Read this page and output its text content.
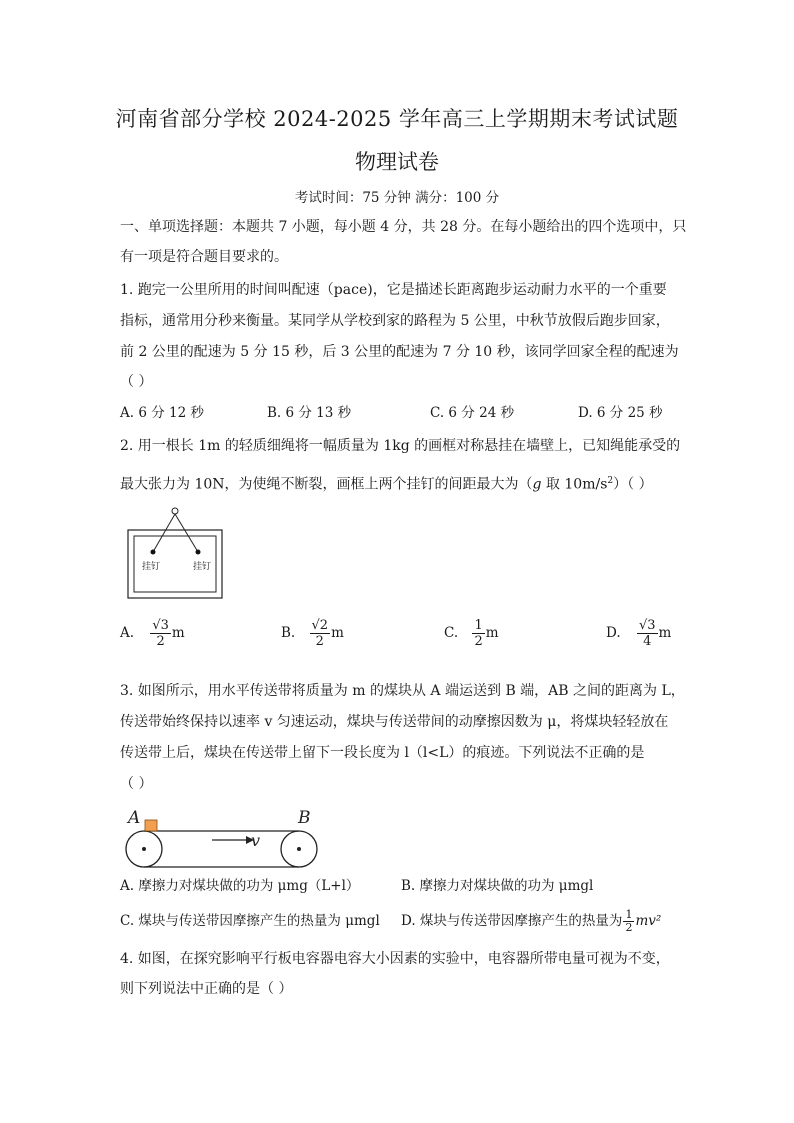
河南省部分学校 2024-2025 学年高三上学期期末考试试题
物理试卷
考试时间：75 分钟 满分：100 分
一、单项选择题：本题共 7 小题，每小题 4 分，共 28 分。在每小题给出的四个选项中，只
有一项是符合题目要求的。
1. 跑完一公里所用的时间叫配速（pace)，它是描述长距离跑步运动耐力水平的一个重要
指标，通常用分秒来衡量。某同学从学校到家的路程为 5 公里，中秋节放假后跑步回家，
前 2 公里的配速为 5 分 15 秒，后 3 公里的配速为 7 分 10 秒，该同学回家全程的配速为
（ ）
A. 6 分 12 秒	B. 6 分 13 秒	C. 6 分 24 秒	D. 6 分 25 秒
2. 用一根长 1m 的轻质细绳将一幅质量为 1kg 的画框对称悬挂在墙壁上，已知绳能承受的
最大张力为 10N，为使绳不断裂，画框上两个挂钉的间距最大为（g 取 $10m/s^2$）（ ）
挂钉	挂钉
A. $\frac{√3}{2}$ m	B. $\frac{√2}{2}$ m	C. $\frac{1}{2}$ m	D. $\frac{√3}{4}$ m
3. 如图所示，用水平传送带将质量为 m 的煤块从 A 端运送到 B 端，AB 之间的距离为 L，
传送带始终保持以速率 v 匀速运动，煤块与传送带间的动摩擦因数为 μ，将煤块轻轻放在
传送带上后，煤块在传送带上留下一段长度为 l（l<L）的痕迹。下列说法不正确的是
（ ）
A	B
v
A. 摩擦力对煤块做的功为 μmg（L+l）	B. 摩擦力对煤块做的功为 μmgl
C. 煤块与传送带因摩擦产生的热量为 μmgl D. 煤块与传送带因摩擦产生的热量为 $\frac{1}{2} mv^2$
4. 如图，在探究影响平行板电容器电容大小因素的实验中，电容器所带电量可视为不变，
则下列说法中正确的是（ ）
